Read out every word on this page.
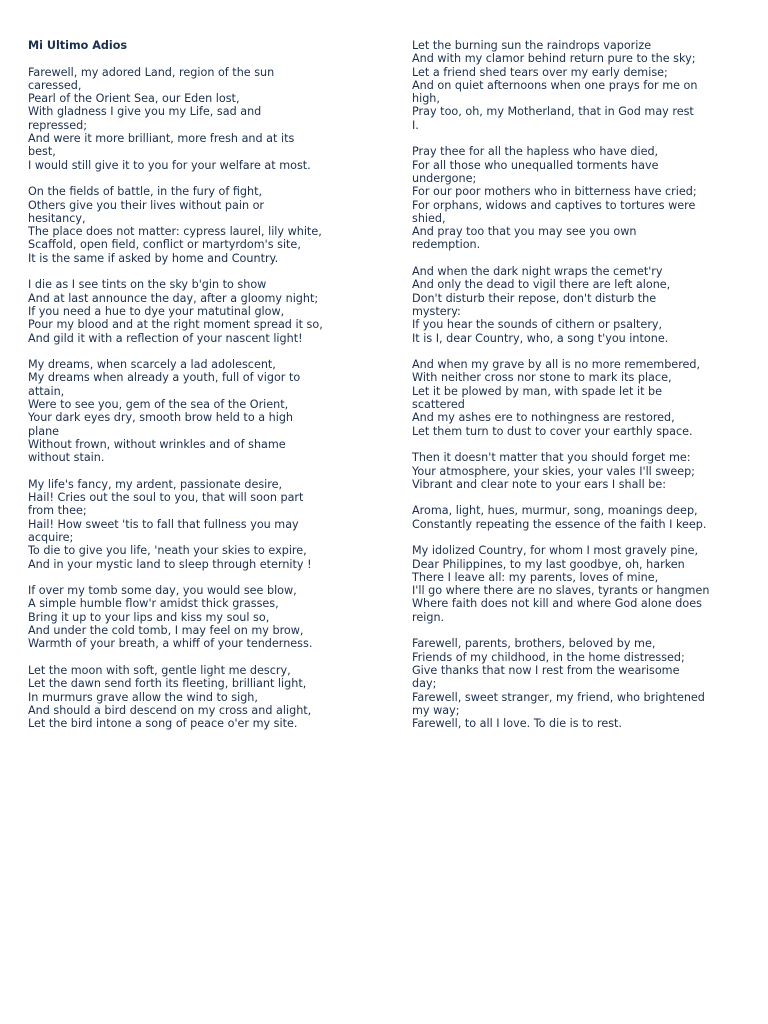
Mi Ultimo Adios
Farewell, my adored Land, region of the sun
caressed,
Pearl of the Orient Sea, our Eden lost,
With gladness I give you my Life, sad and
repressed;
And were it more brilliant, more fresh and at its
best,
I would still give it to you for your welfare at most.
On the fields of battle, in the fury of fight,
Others give you their lives without pain or
hesitancy,
The place does not matter: cypress laurel, lily white,
Scaffold, open field, conflict or martyrdom's site,
It is the same if asked by home and Country.
I die as I see tints on the sky b'gin to show
And at last announce the day, after a gloomy night;
If you need a hue to dye your matutinal glow,
Pour my blood and at the right moment spread it so,
And gild it with a reflection of your nascent light!
My dreams, when scarcely a lad adolescent,
My dreams when already a youth, full of vigor to
attain,
Were to see you, gem of the sea of the Orient,
Your dark eyes dry, smooth brow held to a high
plane
Without frown, without wrinkles and of shame
without stain.
My life's fancy, my ardent, passionate desire,
Hail! Cries out the soul to you, that will soon part
from thee;
Hail! How sweet 'tis to fall that fullness you may
acquire;
To die to give you life, 'neath your skies to expire,
And in your mystic land to sleep through eternity !
If over my tomb some day, you would see blow,
A simple humble flow'r amidst thick grasses,
Bring it up to your lips and kiss my soul so,
And under the cold tomb, I may feel on my brow,
Warmth of your breath, a whiff of your tenderness.
Let the moon with soft, gentle light me descry,
Let the dawn send forth its fleeting, brilliant light,
In murmurs grave allow the wind to sigh,
And should a bird descend on my cross and alight,
Let the bird intone a song of peace o'er my site.
Let the burning sun the raindrops vaporize
And with my clamor behind return pure to the sky;
Let a friend shed tears over my early demise;
And on quiet afternoons when one prays for me on
high,
Pray too, oh, my Motherland, that in God may rest
I.
Pray thee for all the hapless who have died,
For all those who unequalled torments have
undergone;
For our poor mothers who in bitterness have cried;
For orphans, widows and captives to tortures were
shied,
And pray too that you may see you own
redemption.
And when the dark night wraps the cemet'ry
And only the dead to vigil there are left alone,
Don't disturb their repose, don't disturb the
mystery:
If you hear the sounds of cithern or psaltery,
It is I, dear Country, who, a song t'you intone.
And when my grave by all is no more remembered,
With neither cross nor stone to mark its place,
Let it be plowed by man, with spade let it be
scattered
And my ashes ere to nothingness are restored,
Let them turn to dust to cover your earthly space.
Then it doesn't matter that you should forget me:
Your atmosphere, your skies, your vales I'll sweep;
Vibrant and clear note to your ears I shall be:
Aroma, light, hues, murmur, song, moanings deep,
Constantly repeating the essence of the faith I keep.
My idolized Country, for whom I most gravely pine,
Dear Philippines, to my last goodbye, oh, harken
There I leave all: my parents, loves of mine,
I'll go where there are no slaves, tyrants or hangmen
Where faith does not kill and where God alone does
reign.
Farewell, parents, brothers, beloved by me,
Friends of my childhood, in the home distressed;
Give thanks that now I rest from the wearisome
day;
Farewell, sweet stranger, my friend, who brightened
my way;
Farewell, to all I love. To die is to rest.
